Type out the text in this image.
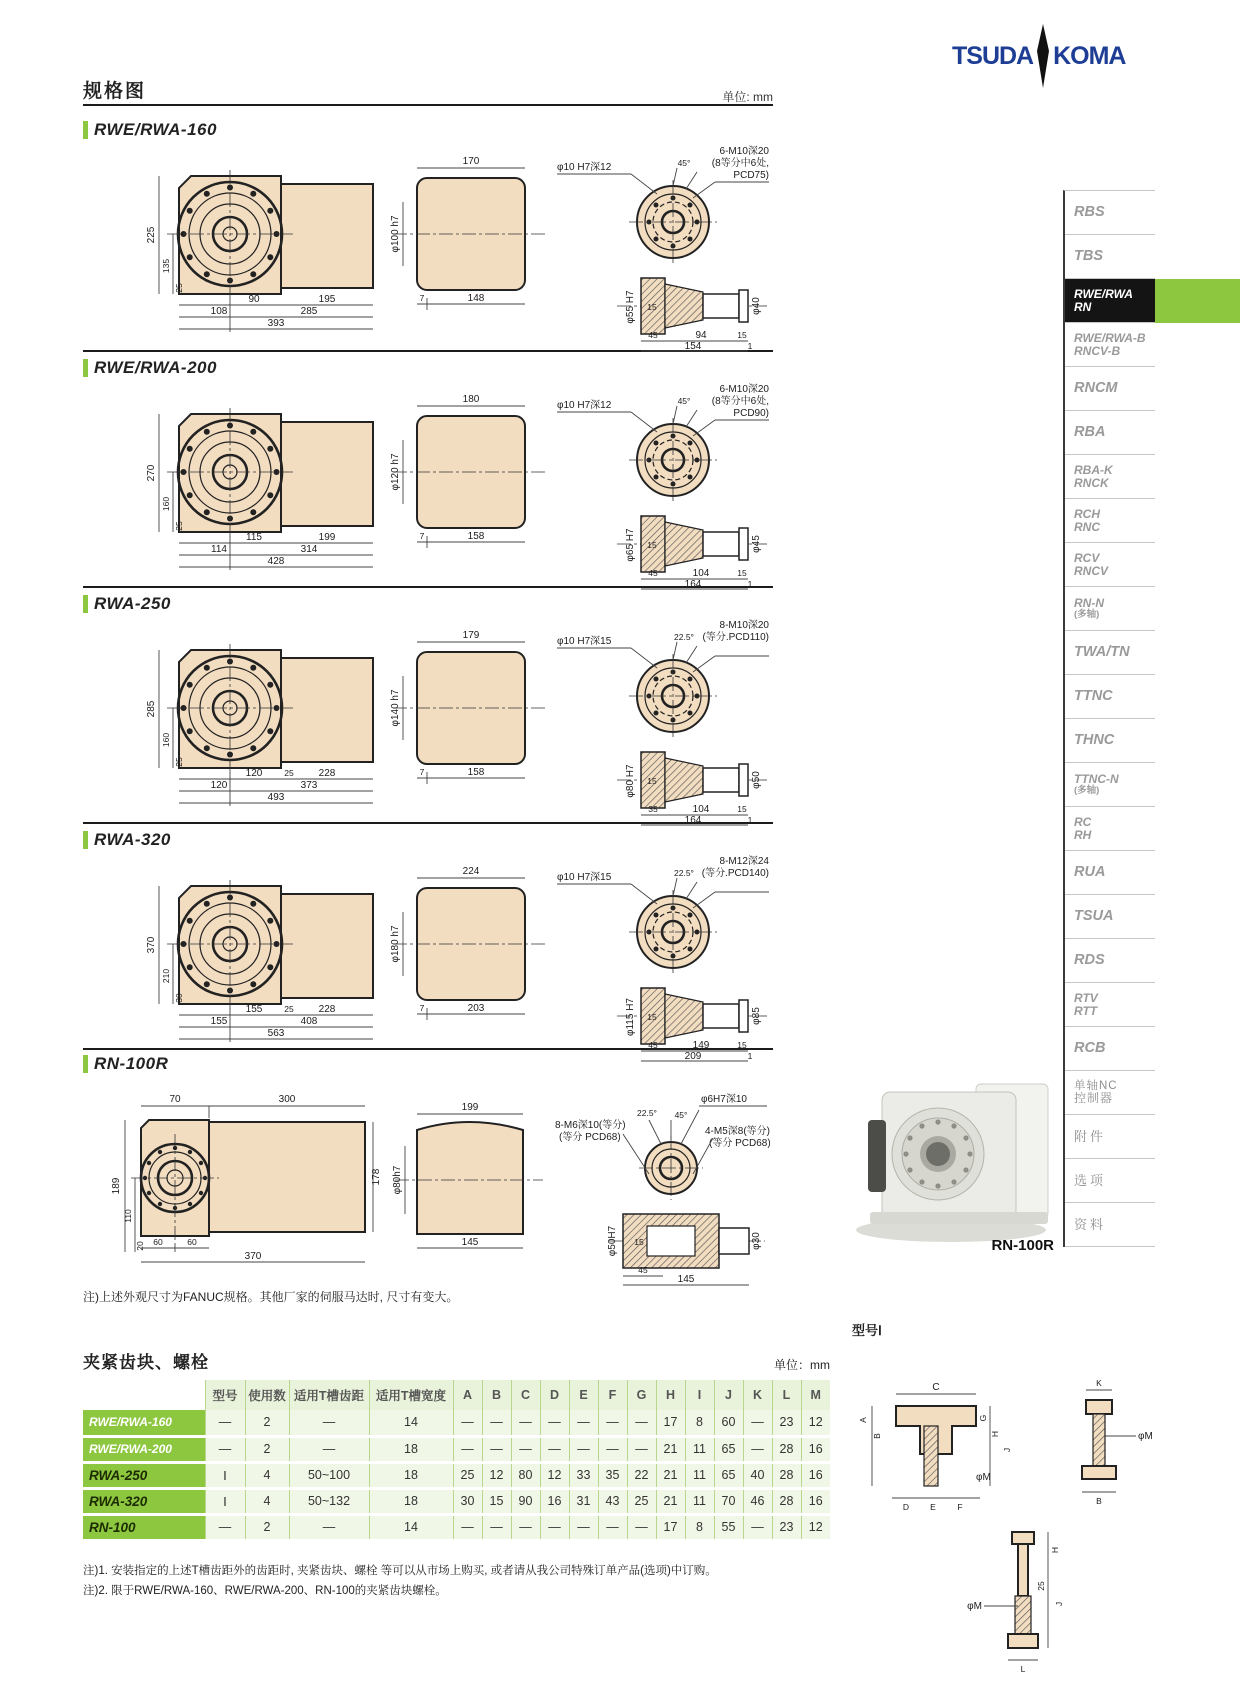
TSUDA KOMA
规格图	单位: mm
RN-100R
70	300
189
110
20
178
60	60
370
199
φ80h7
145
22.5° 45°
φ6H7深10
8-M6深10(等分)
(等分 PCD68)
4-M5深8(等分)
(等分 PCD68)
φ50H7 15	φ30
45
145
RN-100R
注)上述外观尺寸为FANUC规格。其他厂家的伺服马达时, 尺寸有变大。
夹紧齿块、螺栓	单位：mm
	型号	使用数	适用T槽齿距	适用T槽宽度	A	B	C	D	E	F	G	H	I	J	K	L	M
RWE/RWA-160	—	2	—	14	—	—	—	—	—	—	—	17	8	60	—	23	12
RWE/RWA-200	—	2	—	18	—	—	—	—	—	—	—	21	11	65	—	28	16
RWA-250	Ⅰ	4	50~100	18	25	12	80	12	33	35	22	21	11	65	40	28	16
RWA-320	Ⅰ	4	50~132	18	30	15	90	16	31	43	25	21	11	70	46	28	16
RN-100	—	2	—	14	—	—	—	—	—	—	—	17	8	55	—	23	12
注)1. 安装指定的上述T槽齿距外的齿距时, 夹紧齿块、螺栓 等可以从市场上购买, 或者请从我公司特殊订单产品(选项)中订购。
注)2. 限于RWE/RWA-160、RWE/RWA-200、RN-100的夹紧齿块螺栓。
型号Ⅰ
C
A
B
G
H
J
D E	F
φM
K
φM
B
φM
H
25
J
L
RBS
TBS
RWE/RWA
RN
RWE/RWA-B
RNCV-B
RNCM
RBA
RBA-K
RNCK
RCH
RNC
RCV
RNCV
RN-N
(多轴)
TWA/TN
TTNC
THNC
TTNC-N
(多轴)
RC
RH
RUA
TSUA
RDS
RTV
RTT
RCB
单轴NC
控制器
附件
选项
资料
RWE/RWA-160
225
135
25
90	195
108	285
393
170
φ100 h7
7	148
φ10 H7深12	45°
6-M10深20
(8等分中6处,
PCD75)
φ55 H7 15	φ40
45	94	15
154	1
RWE/RWA-200
270
160
25
115	199
114	314
428
180
φ120 h7
7	158
φ10 H7深12	45°
6-M10深20
(8等分中6处,
PCD90)
φ65 H7 15	φ45
45	104	15
164	1
RWA-250
285
160
25
120	228
25
120	373
493
179
φ140 h7
7	158
φ10 H7深15	22.5°
8-M10深20
(等分.PCD110)
φ80 H7 15	φ50
35	104	15
164	1
RWA-320
370
210
30
155	228
25
155	408
563
224
φ180 h7
7	203
φ10 H7深15	22.5°
8-M12深24
(等分.PCD140)
φ115 H7 15	φ85
45	149	15
209	1
